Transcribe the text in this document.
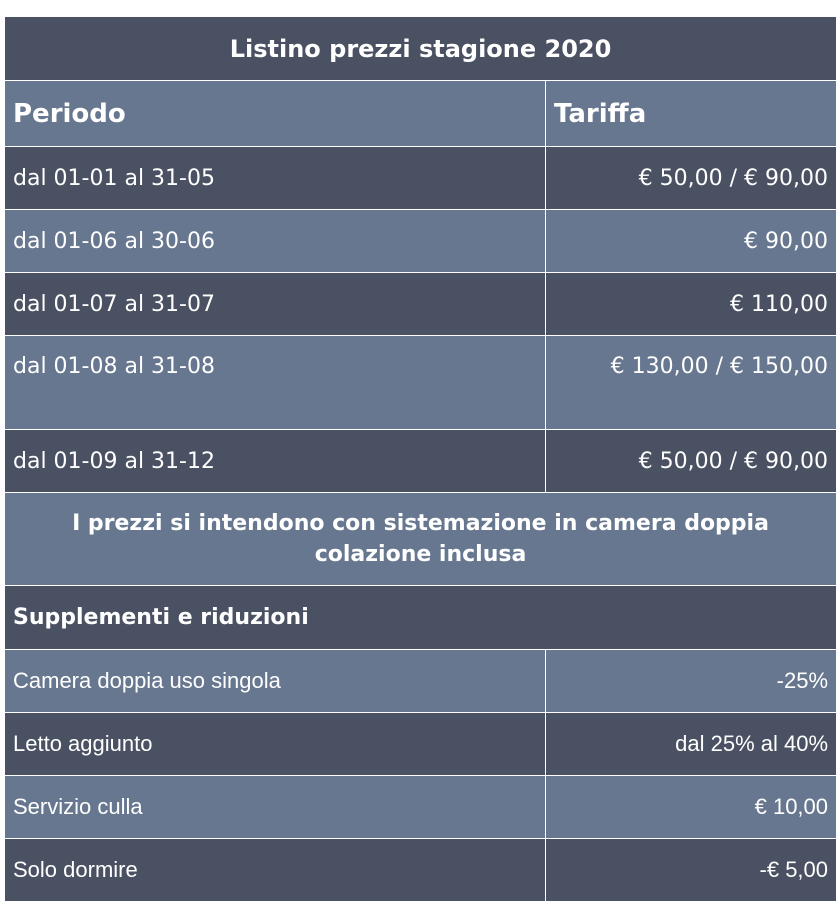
Listino prezzi stagione 2020	
Periodo	Tariffa
dal 01-01 al 31-05	€ 50,00 / € 90,00
dal 01-06 al 30-06	€ 90,00
dal 01-07 al 31-07	€ 110,00
dal 01-08 al 31-08	€ 130,00 / € 150,00
dal 01-09 al 31-12	€ 50,00 / € 90,00

I prezzi si intendono con sistemazione in camera doppia
colazione inclusa	

Supplementi e riduzioni	
Camera doppia uso singola	-25%
Letto aggiunto	dal 25% al 40%
Servizio culla	€ 10,00
Solo dormire	-€ 5,00
